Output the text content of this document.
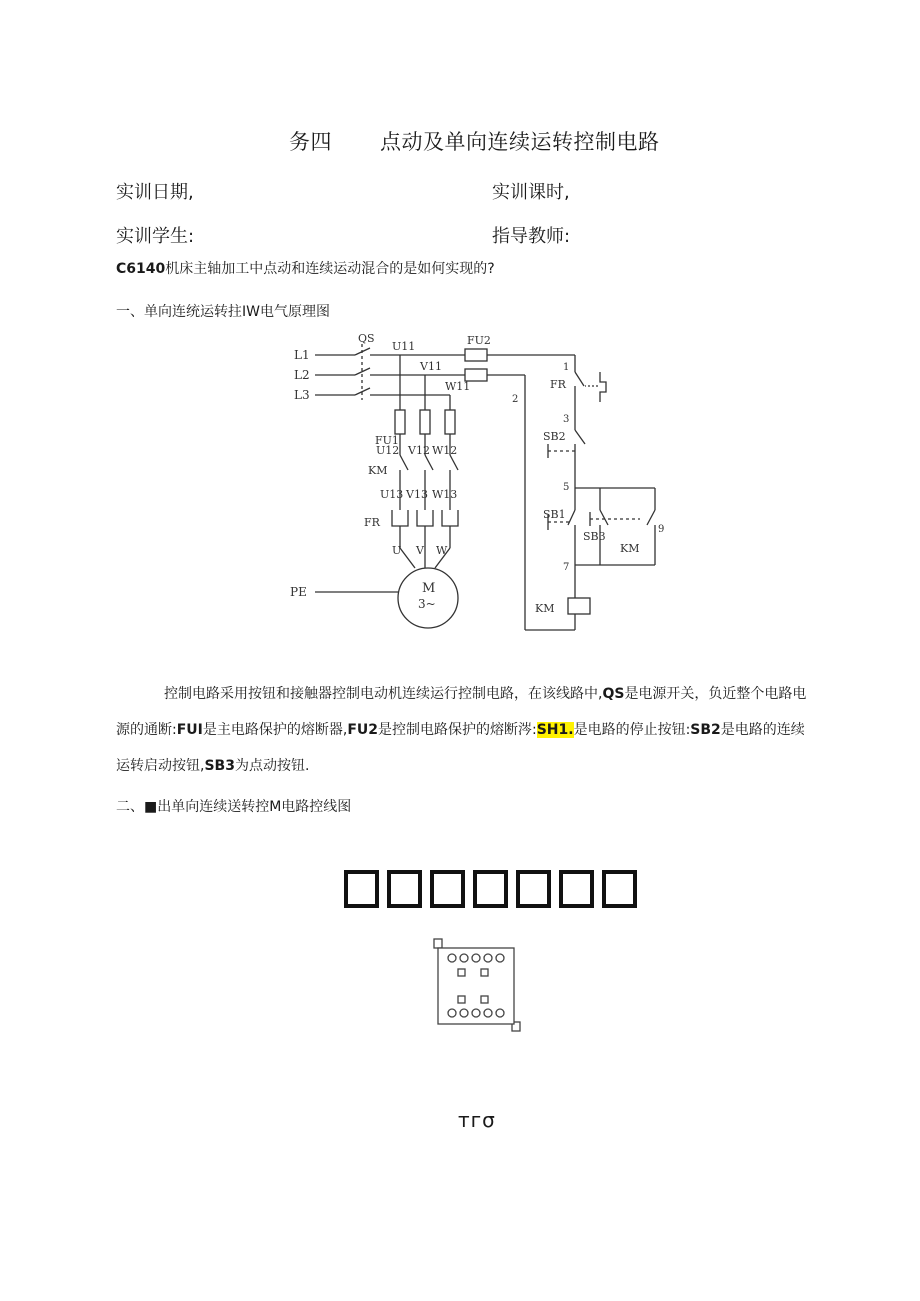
务四 点动及单向连续运转控制电路
实训日期,	实训课时,
实训学生:	指导教师:
C6140机床主轴加工中点动和连续运动混合的是如何实现的?
一、单向连统运转拄IW电气原理图
L1
L2
L3
QS
U11
V11
W11
FU2
FU1
U12 V12 W12
KM
U13 V13 W13
FR
U V W
PE	M
3~
1
2
3
5
7
9
FR
SB2
SB1
SB3
KM
KM
控制电路采用按钮和接触器控制电动机连续运行控制电路，在该线路中,QS是电源开关，负近整个电路电源的通断:FUI是主电路保护的熔断器,FU2是控制电路保护的熔断涔:SH1.是电路的停止按钮:SB2是电路的连续运转启动按钮,SB3为点动按钮.
二、■出单向连续送转控M电路控线图
тгσ
